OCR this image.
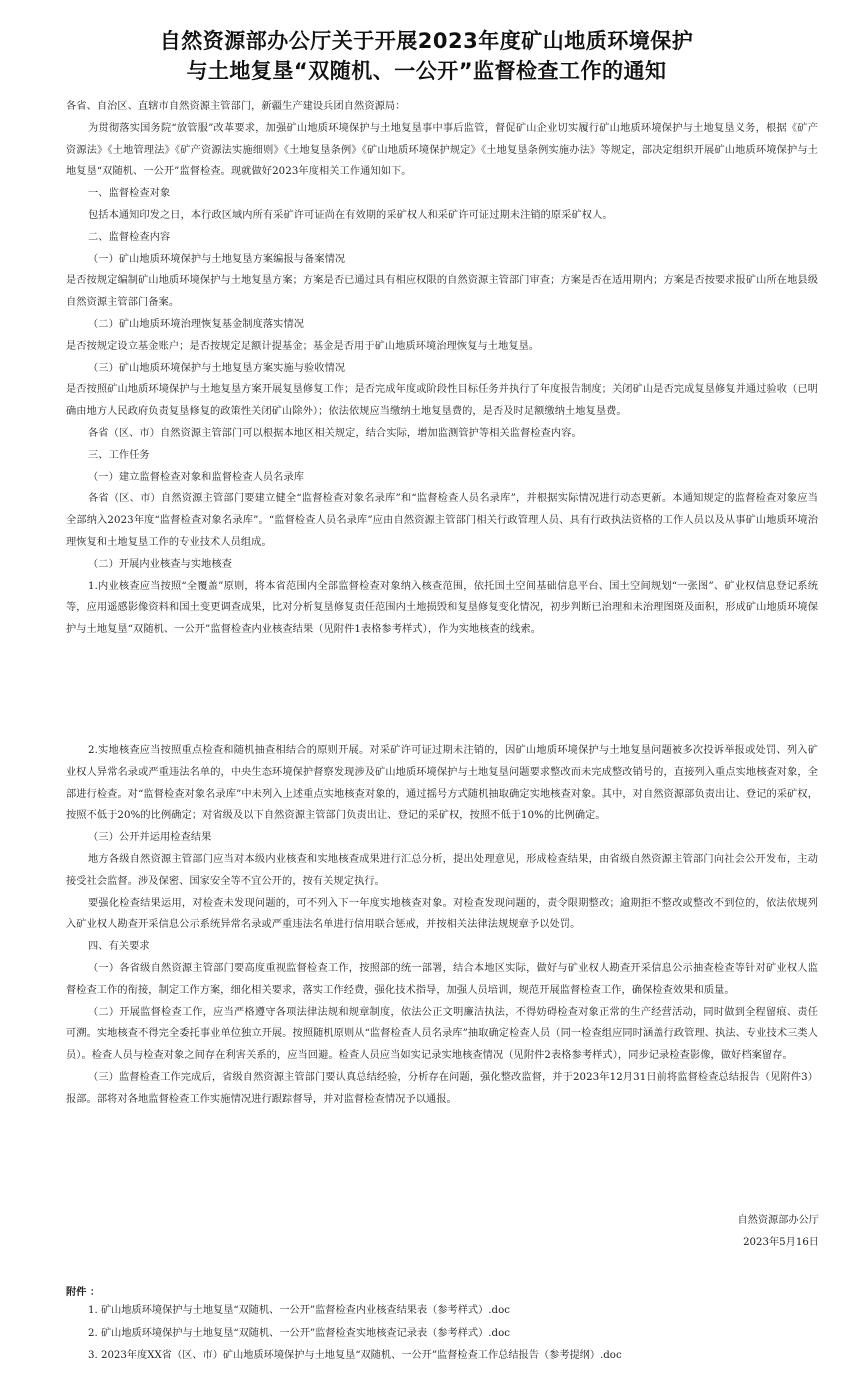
自然资源部办公厅关于开展2023年度矿山地质环境保护
与土地复垦“双随机、一公开”监督检查工作的通知

各省、自治区、直辖市自然资源主管部门，新疆生产建设兵团自然资源局：

为贯彻落实国务院“放管服”改革要求，加强矿山地质环境保护与土地复垦事中事后监管，督促矿山企业切实履行矿山地质环境保护与土地复垦义务，根据《矿产资源法》《土地管理法》《矿产资源法实施细则》《土地复垦条例》《矿山地质环境保护规定》《土地复垦条例实施办法》等规定，部决定组织开展矿山地质环境保护与土地复垦“双随机、一公开”监督检查。现就做好2023年度相关工作通知如下。

一、监督检查对象

包括本通知印发之日，本行政区域内所有采矿许可证尚在有效期的采矿权人和采矿许可证过期未注销的原采矿权人。

二、监督检查内容

（一）矿山地质环境保护与土地复垦方案编报与备案情况

是否按规定编制矿山地质环境保护与土地复垦方案；方案是否已通过具有相应权限的自然资源主管部门审查；方案是否在适用期内；方案是否按要求报矿山所在地县级自然资源主管部门备案。

（二）矿山地质环境治理恢复基金制度落实情况

是否按规定设立基金账户；是否按规定足额计提基金；基金是否用于矿山地质环境治理恢复与土地复垦。

（三）矿山地质环境保护与土地复垦方案实施与验收情况

是否按照矿山地质环境保护与土地复垦方案开展复垦修复工作；是否完成年度或阶段性目标任务并执行了年度报告制度；关闭矿山是否完成复垦修复并通过验收（已明确由地方人民政府负责复垦修复的政策性关闭矿山除外）；依法依规应当缴纳土地复垦费的，是否及时足额缴纳土地复垦费。

各省（区、市）自然资源主管部门可以根据本地区相关规定，结合实际，增加监测管护等相关监督检查内容。

三、工作任务

（一）建立监督检查对象和监督检查人员名录库

各省（区、市）自然资源主管部门要建立健全“监督检查对象名录库”和“监督检查人员名录库”，并根据实际情况进行动态更新。本通知规定的监督检查对象应当全部纳入2023年度“监督检查对象名录库”。“监督检查人员名录库”应由自然资源主管部门相关行政管理人员、具有行政执法资格的工作人员以及从事矿山地质环境治理恢复和土地复垦工作的专业技术人员组成。

（二）开展内业核查与实地核查

1.内业核查应当按照“全覆盖”原则，将本省范围内全部监督检查对象纳入核查范围，依托国土空间基础信息平台、国土空间规划“一张图”、矿业权信息登记系统等，应用遥感影像资料和国土变更调查成果，比对分析复垦修复责任范围内土地损毁和复垦修复变化情况，初步判断已治理和未治理图斑及面积，形成矿山地质环境保护与土地复垦“双随机、一公开”监督检查内业核查结果（见附件1表格参考样式），作为实地核查的线索。

2.实地核查应当按照重点检查和随机抽查相结合的原则开展。对采矿许可证过期未注销的，因矿山地质环境保护与土地复垦问题被多次投诉举报或处罚、列入矿业权人异常名录或严重违法名单的，中央生态环境保护督察发现涉及矿山地质环境保护与土地复垦问题要求整改而未完成整改销号的，直接列入重点实地核查对象，全部进行检查。对“监督检查对象名录库”中未列入上述重点实地核查对象的，通过摇号方式随机抽取确定实地核查对象。其中，对自然资源部负责出让、登记的采矿权，按照不低于20%的比例确定；对省级及以下自然资源主管部门负责出让、登记的采矿权，按照不低于10%的比例确定。

（三）公开并运用检查结果

地方各级自然资源主管部门应当对本级内业核查和实地核查成果进行汇总分析，提出处理意见，形成检查结果，由省级自然资源主管部门向社会公开发布，主动接受社会监督。涉及保密、国家安全等不宜公开的，按有关规定执行。

要强化检查结果运用，对检查未发现问题的，可不列入下一年度实地核查对象。对检查发现问题的，责令限期整改；逾期拒不整改或整改不到位的，依法依规列入矿业权人勘查开采信息公示系统异常名录或严重违法名单进行信用联合惩戒，并按相关法律法规规章予以处罚。

四、有关要求

（一）各省级自然资源主管部门要高度重视监督检查工作，按照部的统一部署，结合本地区实际，做好与矿业权人勘查开采信息公示抽查检查等针对矿业权人监督检查工作的衔接，制定工作方案，细化相关要求，落实工作经费，强化技术指导，加强人员培训，规范开展监督检查工作，确保检查效果和质量。

（二）开展监督检查工作，应当严格遵守各项法律法规和规章制度，依法公正文明廉洁执法，不得妨碍检查对象正常的生产经营活动，同时做到全程留痕、责任可溯。实地核查不得完全委托事业单位独立开展。按照随机原则从“监督检查人员名录库”抽取确定检查人员（同一检查组应同时涵盖行政管理、执法、专业技术三类人员）。检查人员与检查对象之间存在利害关系的，应当回避。检查人员应当如实记录实地核查情况（见附件2表格参考样式），同步记录检查影像，做好档案留存。

（三）监督检查工作完成后，省级自然资源主管部门要认真总结经验，分析存在问题，强化整改监督，并于2023年12月31日前将监督检查总结报告（见附件3）报部。部将对各地监督检查工作实施情况进行跟踪督导，并对监督检查情况予以通报。

自然资源部办公厅
2023年5月16日
附件 ：
1. 矿山地质环境保护与土地复垦“双随机、一公开”监督检查内业核查结果表（参考样式）.doc
2. 矿山地质环境保护与土地复垦“双随机、一公开”监督检查实地核查记录表（参考样式）.doc
3. 2023年度XX省（区、市）矿山地质环境保护与土地复垦“双随机、一公开”监督检查工作总结报告（参考提纲）.doc
